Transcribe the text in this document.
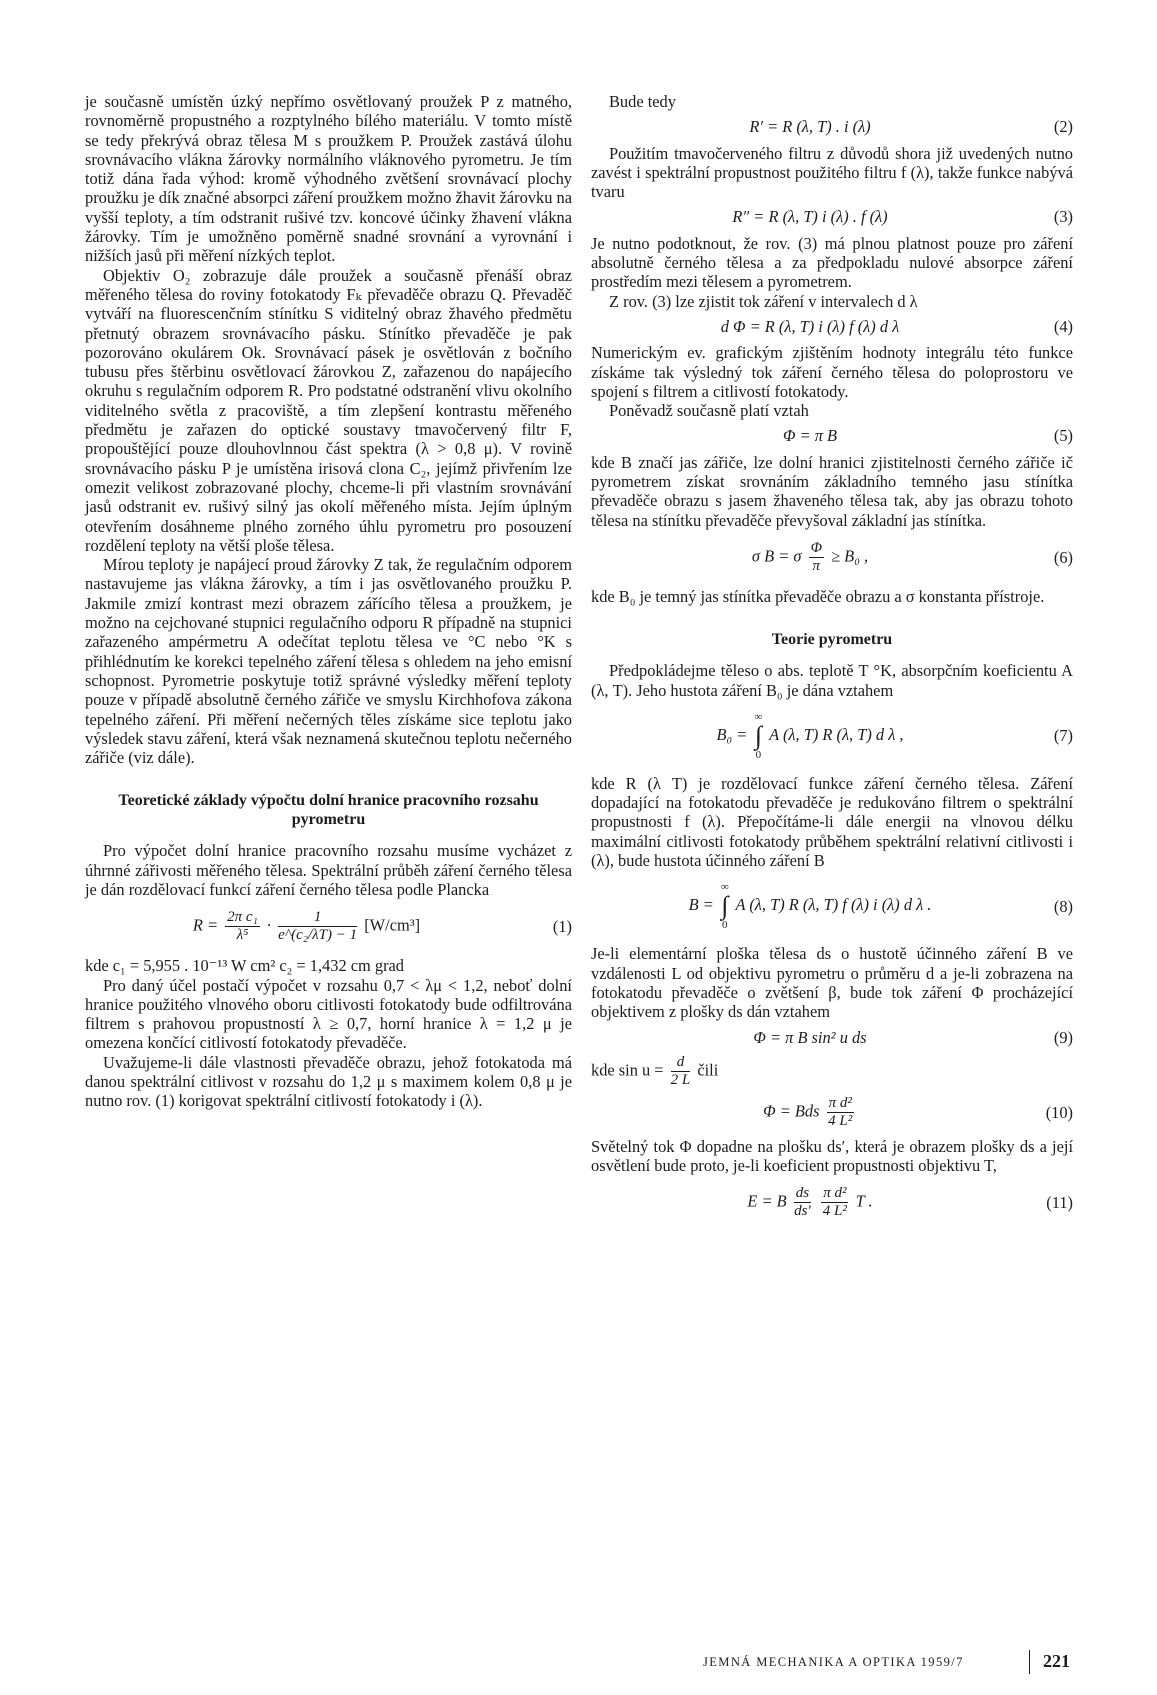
je současně umístěn úzký nepřímo osvětlovaný proužek P z matného, rovnoměrně propustného a rozptylného bílého materiálu. V tomto místě se tedy překrývá obraz tělesa M s proužkem P. Proužek zastává úlohu srovnávacího vlákna žárovky normálního vláknového pyrometru. Je tím totiž dána řada výhod: kromě výhodného zvětšení srovnávací plochy proužku je dík značné absorpci záření proužkem možno žhavit žárovku na vyšší teploty, a tím odstranit rušivé tzv. koncové účinky žhavení vlákna žárovky. Tím je umožněno poměrně snadné srovnání a vyrovnání i nižších jasů při měření nízkých teplot.

Objektiv O₂ zobrazuje dále proužek a současně přenáší obraz měřeného tělesa do roviny fotokatody Fₖ převaděče obrazu Q. Převaděč vytváří na fluorescenčním stínítku S viditelný obraz žhavého předmětu přetnutý obrazem srovnávacího pásku. Stínítko převaděče je pak pozorováno okulárem Ok. Srovnávací pásek je osvětlován z bočního tubusu přes štěrbinu osvětlovací žárovkou Z, zařazenou do napájecího okruhu s regulačním odporem R. Pro podstatné odstranění vlivu okolního viditelného světla z pracoviště, a tím zlepšení kontrastu měřeného předmětu je zařazen do optické soustavy tmavočervený filtr F, propouštějící pouze dlouhovlnnou část spektra (λ > 0,8 μ). V rovině srovnávacího pásku P je umístěna irisová clona C₂, jejímž přivřením lze omezit velikost zobrazované plochy, chceme-li při vlastním srovnávání jasů odstranit ev. rušivý silný jas okolí měřeného místa. Jejím úplným otevřením dosáhneme plného zorného úhlu pyrometru pro posouzení rozdělení teploty na větší ploše tělesa.

Mírou teploty je napájecí proud žárovky Z tak, že regulačním odporem nastavujeme jas vlákna žárovky, a tím i jas osvětlovaného proužku P. Jakmile zmizí kontrast mezi obrazem zářícího tělesa a proužkem, je možno na cejchované stupnici regulačního odporu R případně na stupnici zařazeného ampérmetru A odečítat teplotu tělesa ve °C nebo °K s přihlédnutím ke korekci tepelného záření tělesa s ohledem na jeho emisní schopnost. Pyrometrie poskytuje totiž správné výsledky měření teploty pouze v případě absolutně černého zářiče ve smyslu Kirchhofova zákona tepelného záření. Při měření nečerných těles získáme sice teplotu jako výsledek stavu záření, která však neznamená skutečnou teplotu nečerného zářiče (viz dále).

Teoretické základy výpočtu dolní hranice pracovního rozsahu pyrometru

Pro výpočet dolní hranice pracovního rozsahu musíme vycházet z úhrnné zářivosti měřeného tělesa. Spektrální průběh záření černého tělesa je dán rozdělovací funkcí záření černého tělesa podle Plancka

$R = \frac{\text{2π c₁}}{\text{λ⁵}} \cdot \frac{1}{\text{e\textasciicircum{}(c₂/λT) − 1}} [W/cm^3]$	(1)

kde c₁ = 5,955 . 10⁻¹³ W cm² c₂ = 1,432 cm grad

Pro daný účel postačí výpočet v rozsahu 0,7 < λμ < 1,2, neboť dolní hranice použitého vlnového oboru citlivosti fotokatody bude odfiltrována filtrem s prahovou propustností λ ≥ 0,7, horní hranice λ = 1,2 μ je omezena končící citlivostí fotokatody převaděče.

Uvažujeme-li dále vlastnosti převaděče obrazu, jehož fotokatoda má danou spektrální citlivost v rozsahu do 1,2 μ s maximem kolem 0,8 μ je nutno rov. (1) korigovat spektrální citlivostí fotokatody i (λ).

Bude tedy

R′ = R (λ, T) . i (λ)	(2)

Použitím tmavočerveného filtru z důvodů shora již uvedených nutno zavést i spektrální propustnost použitého filtru f (λ), takže funkce nabývá tvaru

R″ = R (λ, T) i (λ) . f (λ)	(3)

Je nutno podotknout, že rov. (3) má plnou platnost pouze pro záření absolutně černého tělesa a za předpokladu nulové absorpce záření prostředím mezi tělesem a pyrometrem.

Z rov. (3) lze zjistit tok záření v intervalech d λ

d Φ = R (λ, T) i (λ) f (λ) d λ	(4)

Numerickým ev. grafickým zjištěním hodnoty integrálu této funkce získáme tak výsledný tok záření černého tělesa do poloprostoru ve spojení s filtrem a citlivostí fotokatody.

Poněvadž současně platí vztah

Φ = π B	(5)

kde B značí jas zářiče, lze dolní hranici zjistitelnosti černého zářiče ič pyrometrem získat srovnáním základního temného jasu stínítka převaděče obrazu s jasem žhaveného tělesa tak, aby jas obrazu tohoto tělesa na stínítku převaděče převyšoval základní jas stínítka.

σ B = σ $\frac{\Phi}{\pi} \ge B_0$ ,	(6)

kde B₀ je temný jas stínítka převaděče obrazu a σ konstanta přístroje.

Teorie pyrometru

Předpokládejme těleso o abs. teplotě T °K, absorpčním koeficientu A (λ, T). Jeho hustota záření B₀ je dána vztahem

B₀ =
∞
∫
0
A (λ, T) R (λ, T) d λ ,	(7)

kde R (λ T) je rozdělovací funkce záření černého tělesa. Záření dopadající na fotokatodu převaděče je redukováno filtrem o spektrální propustnosti f (λ). Přepočítáme-li dále energii na vlnovou délku maximální citlivosti fotokatody průběhem spektrální relativní citlivosti i (λ), bude hustota účinného záření B

B =
∞
∫
0
A (λ, T) R (λ, T) f (λ) i (λ) d λ .	(8)

Je-li elementární ploška tělesa ds o hustotě účinného záření B ve vzdálenosti L od objektivu pyrometru o průměru d a je-li zobrazena na fotokatodu převaděče o zvětšení β, bude tok záření Φ procházející objektivem z plošky ds dán vztahem

Φ = π B sin² u ds	(9)

kde $\sin u = \frac{d}{2 L}$ čili

Φ = Bds $\frac{\text{π d²}}{\text{4 L²}}$	(10)

Světelný tok Φ dopadne na plošku ds′, která je obrazem plošky ds a její osvětlení bude proto, je-li koeficient propustnosti objektivu T,

E = B $\frac{ds}{ds'}$
$\frac{\text{π d²}}{\text{4 L²}}$ T .	(11)
JEMNÁ MECHANIKA A OPTIKA 1959/7	221
